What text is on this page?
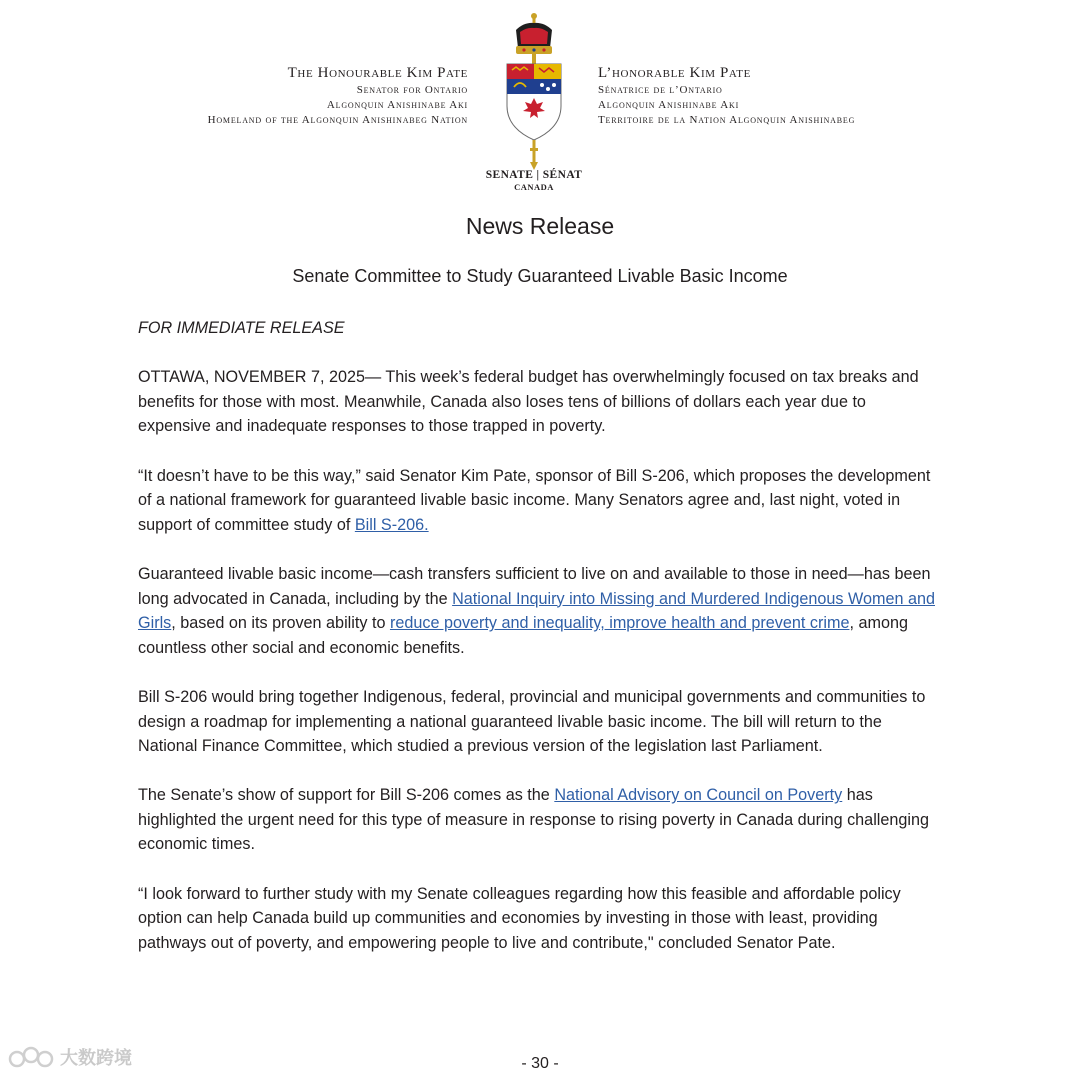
The Honourable Kim Pate
Senator for Ontario
Algonquin Anishinabe Aki
Homeland of the Algonquin Anishinabeg Nation
L’honorable Kim Pate
Sénatrice de l’Ontario
Algonquin Anishinabe Aki
Territoire de la Nation Algonquin Anishinabeg
SENATE | SÉNAT
CANADA
News Release
Senate Committee to Study Guaranteed Livable Basic Income

FOR IMMEDIATE RELEASE

OTTAWA, NOVEMBER 7, 2025— This week’s federal budget has overwhelmingly focused on tax breaks and benefits for those with most. Meanwhile, Canada also loses tens of billions of dollars each year due to expensive and inadequate responses to those trapped in poverty.

“It doesn’t have to be this way,” said Senator Kim Pate, sponsor of Bill S-206, which proposes the development of a national framework for guaranteed livable basic income. Many Senators agree and, last night, voted in support of committee study of Bill S-206.

Guaranteed livable basic income—cash transfers sufficient to live on and available to those in need—has been long advocated in Canada, including by the National Inquiry into Missing and Murdered Indigenous Women and Girls, based on its proven ability to reduce poverty and inequality, improve health and prevent crime, among countless other social and economic benefits.

Bill S-206 would bring together Indigenous, federal, provincial and municipal governments and communities to design a roadmap for implementing a national guaranteed livable basic income. The bill will return to the National Finance Committee, which studied a previous version of the legislation last Parliament.

The Senate’s show of support for Bill S-206 comes as the National Advisory on Council on Poverty has highlighted the urgent need for this type of measure in response to rising poverty in Canada during challenging economic times.

“I look forward to further study with my Senate colleagues regarding how this feasible and affordable policy option can help Canada build up communities and economies by investing in those with least, providing pathways out of poverty, and empowering people to live and contribute," concluded Senator Pate.

- 30 -
大数跨境
